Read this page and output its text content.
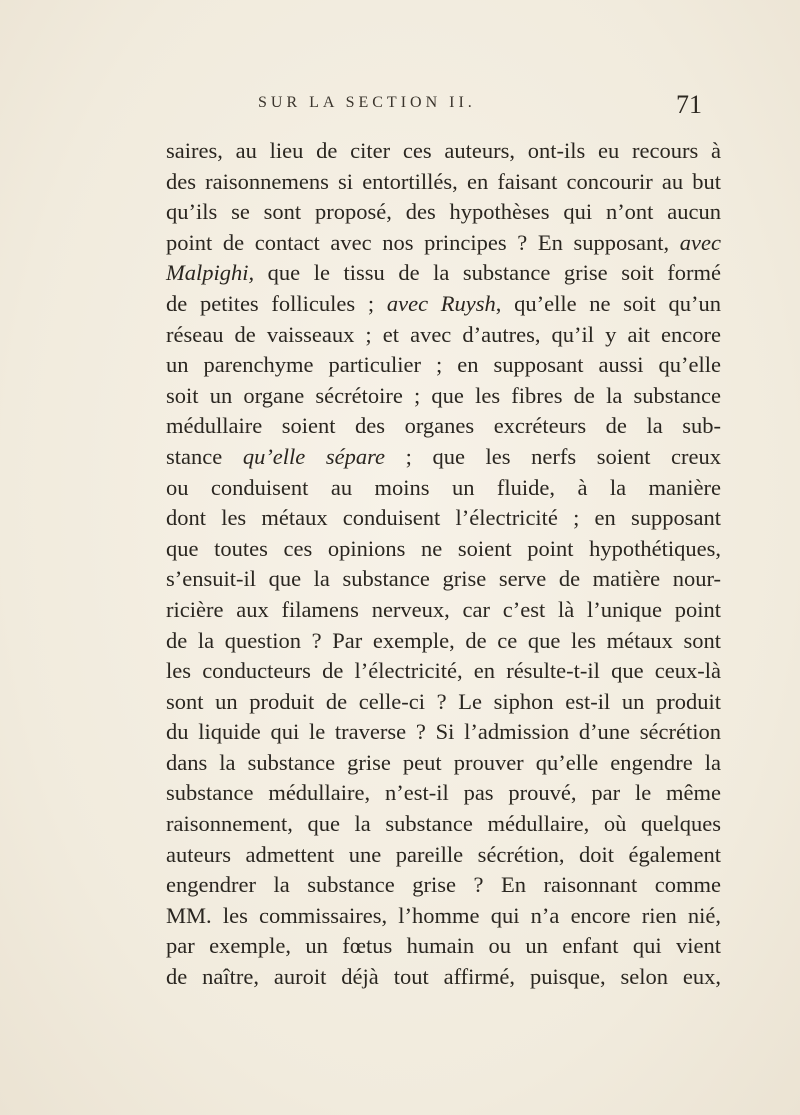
SUR LA SECTION II.	71
saires, au lieu de citer ces auteurs, ont-ils eu recours à
des raisonnemens si entortillés, en faisant concourir au but
qu’ils se sont proposé, des hypothèses qui n’ont aucun
point de contact avec nos principes ? En supposant, avec
Malpighi, que le tissu de la substance grise soit formé
de petites follicules ; avec Ruysh, qu’elle ne soit qu’un
réseau de vaisseaux ; et avec d’autres, qu’il y ait encore
un parenchyme particulier ; en supposant aussi qu’elle
soit un organe sécrétoire ; que les fibres de la substance
médullaire soient des organes excréteurs de la sub-
stance qu’elle sépare ; que les nerfs soient creux
ou conduisent au moins un fluide, à la manière
dont les métaux conduisent l’électricité ; en supposant
que toutes ces opinions ne soient point hypothétiques,
s’ensuit-il que la substance grise serve de matière nour-
ricière aux filamens nerveux, car c’est là l’unique point
de la question ? Par exemple, de ce que les métaux sont
les conducteurs de l’électricité, en résulte-t-il que ceux-là
sont un produit de celle-ci ? Le siphon est-il un produit
du liquide qui le traverse ? Si l’admission d’une sécrétion
dans la substance grise peut prouver qu’elle engendre la
substance médullaire, n’est-il pas prouvé, par le même
raisonnement, que la substance médullaire, où quelques
auteurs admettent une pareille sécrétion, doit également
engendrer la substance grise ? En raisonnant comme
MM. les commissaires, l’homme qui n’a encore rien nié,
par exemple, un fœtus humain ou un enfant qui vient
de naître, auroit déjà tout affirmé, puisque, selon eux,
